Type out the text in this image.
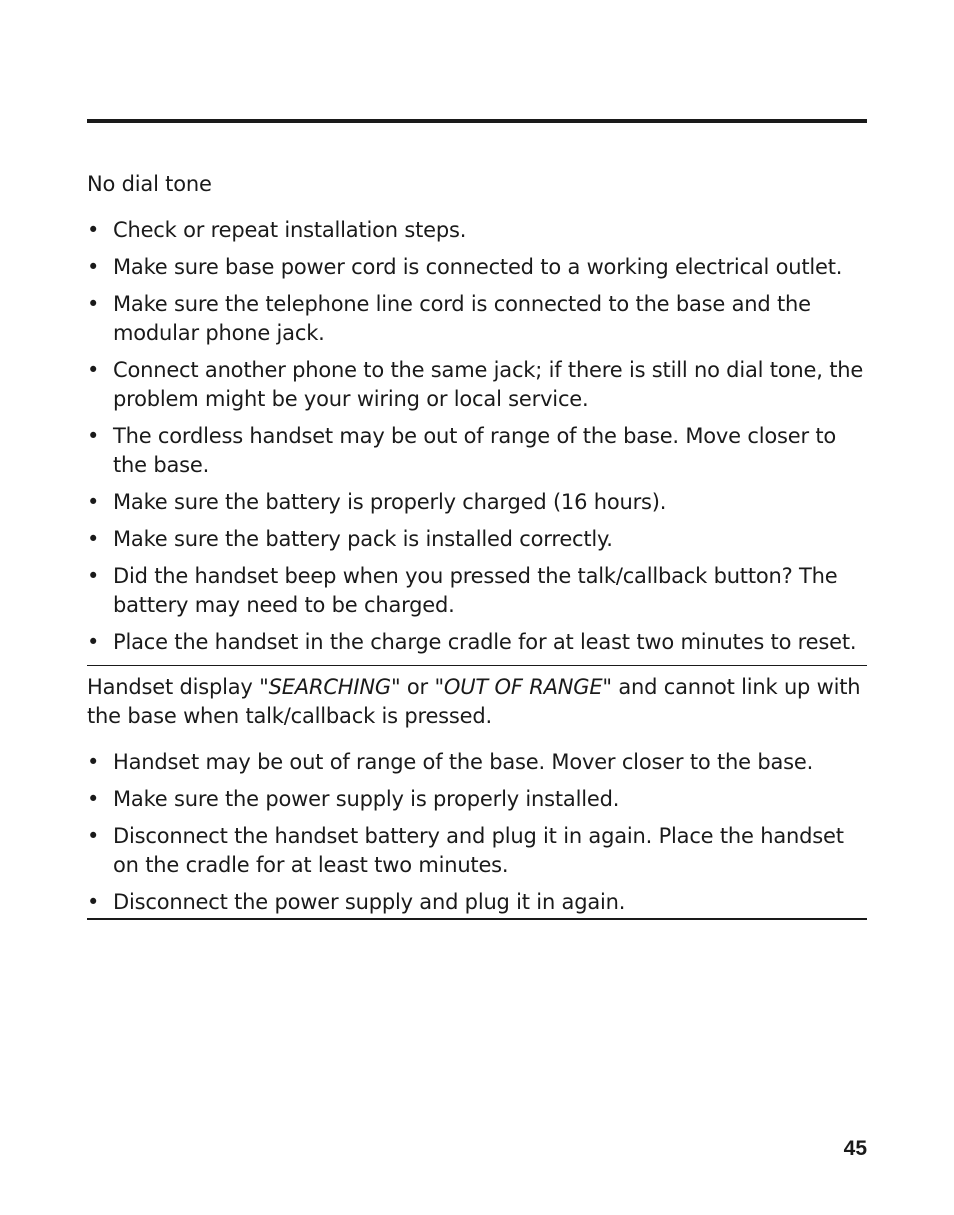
No dial tone

• Check or repeat installation steps.
• Make sure base power cord is connected to a working electrical outlet.
• Make sure the telephone line cord is connected to the base and the modular phone jack.
• Connect another phone to the same jack; if there is still no dial tone, the problem might be your wiring or local service.
• The cordless handset may be out of range of the base. Move closer to the base.
• Make sure the battery is properly charged (16 hours).
• Make sure the battery pack is installed correctly.
• Did the handset beep when you pressed the talk/callback button? The battery may need to be charged.
• Place the handset in the charge cradle for at least two minutes to reset.

Handset display "SEARCHING" or "OUT OF RANGE" and cannot link up with the base when talk/callback is pressed.

• Handset may be out of range of the base. Mover closer to the base.
• Make sure the power supply is properly installed.
• Disconnect the handset battery and plug it in again. Place the handset on the cradle for at least two minutes.
• Disconnect the power supply and plug it in again.
45
